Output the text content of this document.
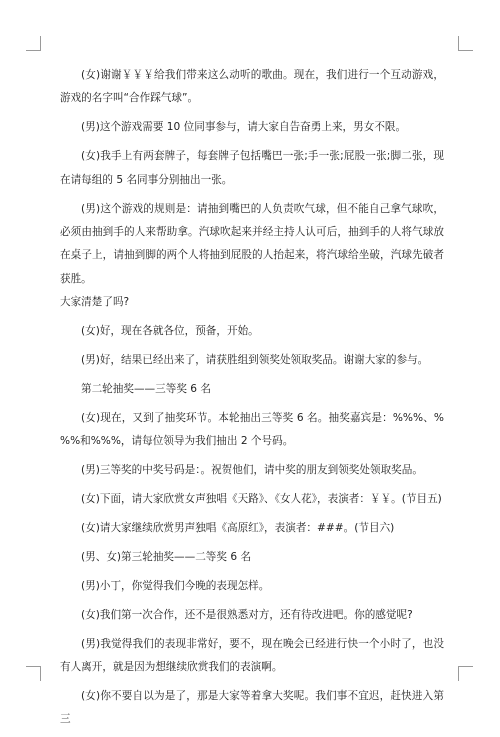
(女)谢谢￥￥￥给我们带来这么动听的歌曲。现在，我们进行一个互动游戏，游戏的名字叫“合作踩气球”。

(男)这个游戏需要 10 位同事参与，请大家自告奋勇上来，男女不限。

(女)我手上有两套牌子，每套牌子包括嘴巴一张;手一张;屁股一张;脚二张，现在请每组的 5 名同事分别抽出一张。

(男)这个游戏的规则是：请抽到嘴巴的人负责吹气球，但不能自己拿气球吹，必须由抽到手的人来帮助拿。汽球吹起来并经主持人认可后，抽到手的人将气球放在桌子上，请抽到脚的两个人将抽到屁股的人抬起来，将汽球给坐破，汽球先破者获胜。

大家清楚了吗?

(女)好，现在各就各位，预备，开始。

(男)好，结果已经出来了，请获胜组到领奖处领取奖品。谢谢大家的参与。

第二轮抽奖——三等奖 6 名

(女)现在，又到了抽奖环节。本轮抽出三等奖 6 名。抽奖嘉宾是：%%%、%%%和%%%，请每位领导为我们抽出 2 个号码。

(男)三等奖的中奖号码是：。祝贺他们，请中奖的朋友到领奖处领取奖品。

(女)下面，请大家欣赏女声独唱《天路》、《女人花》，表演者：￥￥。(节目五)

(女)请大家继续欣赏男声独唱《高原红》，表演者：###。(节目六)

(男、女)第三轮抽奖——二等奖 6 名

(男)小丁，你觉得我们今晚的表现怎样。

(女)我们第一次合作，还不是很熟悉对方，还有待改进吧。你的感觉呢?

(男)我觉得我们的表现非常好，要不，现在晚会已经进行快一个小时了，也没有人离开，就是因为想继续欣赏我们的表演啊。

(女)你不要自以为是了，那是大家等着拿大奖呢。我们事不宜迟，赶快进入第三
